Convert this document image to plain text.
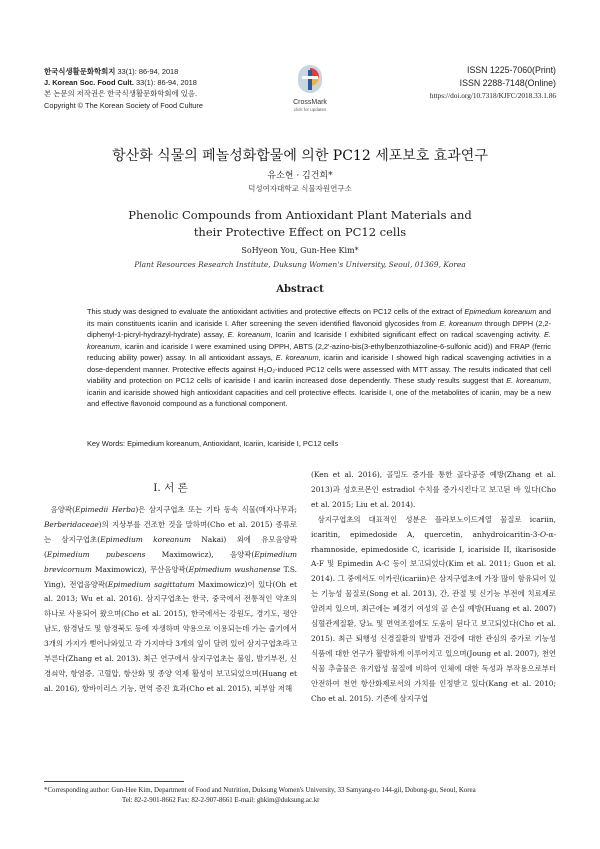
한국식생활문화학회지 33(1): 86-94, 2018
J. Korean Soc. Food Cult. 33(1): 86-94, 2018
본 논문의 저작권은 한국식생활문화학회에 있음.
Copyright © The Korean Society of Food Culture	CrossMark
click for updates
ISSN 1225-7060(Print)
ISSN 2288-7148(Online)
https://doi.org/10.7318/KJFC/2018.33.1.86
항산화 식물의 페놀성화합물에 의한 PC12 세포보호 효과연구
유소현 · 김건희*
덕성여자대학교 식물자원연구소
Phenolic Compounds from Antioxidant Plant Materials and
their Protective Effect on PC12 cells
SoHyeon You, Gun-Hee Kim*
Plant Resources Research Institute, Duksung Women's University, Seoul, 01369, Korea
Abstract
This study was designed to evaluate the antioxidant activities and protective effects on PC12 cells of the extract of Epimedium koreanum and its main constituents icariin and icariside I. After screening the seven identified flavonoid glycosides from E. koreanum through DPPH (2,2-diphenyl-1-picryl-hydrazyl-hydrate) assay, E. koreanum, Icariin and Icariside I exhibited significant effect on radical scavenging activity. E. koreanum, icariin and icariside I were examined using DPPH, ABTS (2,2'-azino-bis(3-ethylbenzothiazoline-6-sulfonic acid)) and FRAP (ferric reducing ability power) assay. In all antioxidant assays, E. koreanum, icariin and icariside I showed high radical scavenging activities in a dose-dependent manner. Protective effects against H₂O₂-induced PC12 cells were assessed with MTT assay. The results indicated that cell viability and protection on PC12 cells of icariside I and icariin increased dose dependently. These study results suggest that E. koreanum, icariin and icariside showed high antioxidant capacities and cell protective effects. Icariside I, one of the metabolites of icariin, may be a new and effective flavonoid compound as a functional component.
Key Words: Epimedium koreanum, Antioxidant, Icariin, Icariside I, PC12 cells
I. 서 론
음양곽(Epimedii Herba)은 삼지구엽초 또는 기타 동속 식물(매자나무과; Berberidaceae)의 지상부를 건조한 것을 말하며(Cho et al. 2015) 종류로는 삼지구엽초(Epimedium koreanum Nakai) 외에 유모음양곽(Epimedium pubescens Maximowicz), 음양곽(Epimedium brevicornum Maximowicz), 무산음양곽(Epimedium wushanense T.S. Ying), 전엽음양곽(Epimedium sagittatum Maximowicz)이 있다(Oh et al. 2013; Wu et al. 2016). 삼지구엽초는 한국, 중국에서 전통적인 약초의 하나로 사용되어 왔으며(Cho et al. 2015), 한국에서는 강원도, 경기도, 평안남도, 함경남도 및 함경북도 등에 자생하며 약용으로 이용되는데 가는 줄기에서 3개의 가지가 뻗어나와있고 각 가지마다 3개의 잎이 달려 있어 삼지구엽초라고 부른다(Zhang et al. 2013). 최근 연구에서 삼지구엽초는 불임, 발기부전, 신경쇠약, 항염증, 고혈압, 항산화 및 종양 억제 활성이 보고되었으며(Huang et al. 2016), 항바이러스 기능, 면역 증진 효과(Cho et al. 2015), 피부암 저해

(Ken et al. 2016), 골밀도 증가를 통한 골다공증 예방(Zhang et al. 2013)과 성호르몬인 estradiol 수치를 증가시킨다고 보고된 바 있다(Cho et al. 2015; Liu et al. 2014).

삼지구엽초의 대표적인 성분은 플라보노이드계열 물질로 icariin, icaritin, epimedoside A, quercetin, anhydroicaritin-3-O-α-rhamnoside, epimedoside C, icariside I, icariside II, ikarisoside A-F 및 Epimedin A-C 등이 보고되었다(Kim et al. 2011; Guon et al. 2014). 그 중에서도 이카린(icariin)은 삼지구엽초에 가장 많이 함유되어 있는 기능성 물질로(Song et al. 2013), 간, 관절 및 신기능 부전에 치료제로 알려져 있으며, 최근에는 폐경기 여성의 골 손실 예방(Huang et al. 2007) 심혈관계질환, 당뇨 및 면역조절에도 도움이 된다고 보고되었다(Cho et al. 2015). 최근 퇴행성 신경질환의 발병과 건강에 대한 관심의 증가로 기능성 식품에 대한 연구가 활발하게 이루어지고 있으며(Joung et al. 2007), 천연 식물 추출물은 유기합성 물질에 비하여 인체에 대한 독성과 부작용으로부터 안전하여 천연 항산화제로서의 가치를 인정받고 있다(Kang et al. 2010; Cho et al. 2015). 기존에 삼지구엽

*Corresponding author: Gun-Hee Kim, Department of Food and Nutrition, Duksung Women's University, 33 Samyang-ro 144-gil, Dobong-gu, Seoul, Korea
Tel: 82-2-901-8662 Fax: 82-2-907-8661 E-mail: ghkim@duksung.ac.kr
